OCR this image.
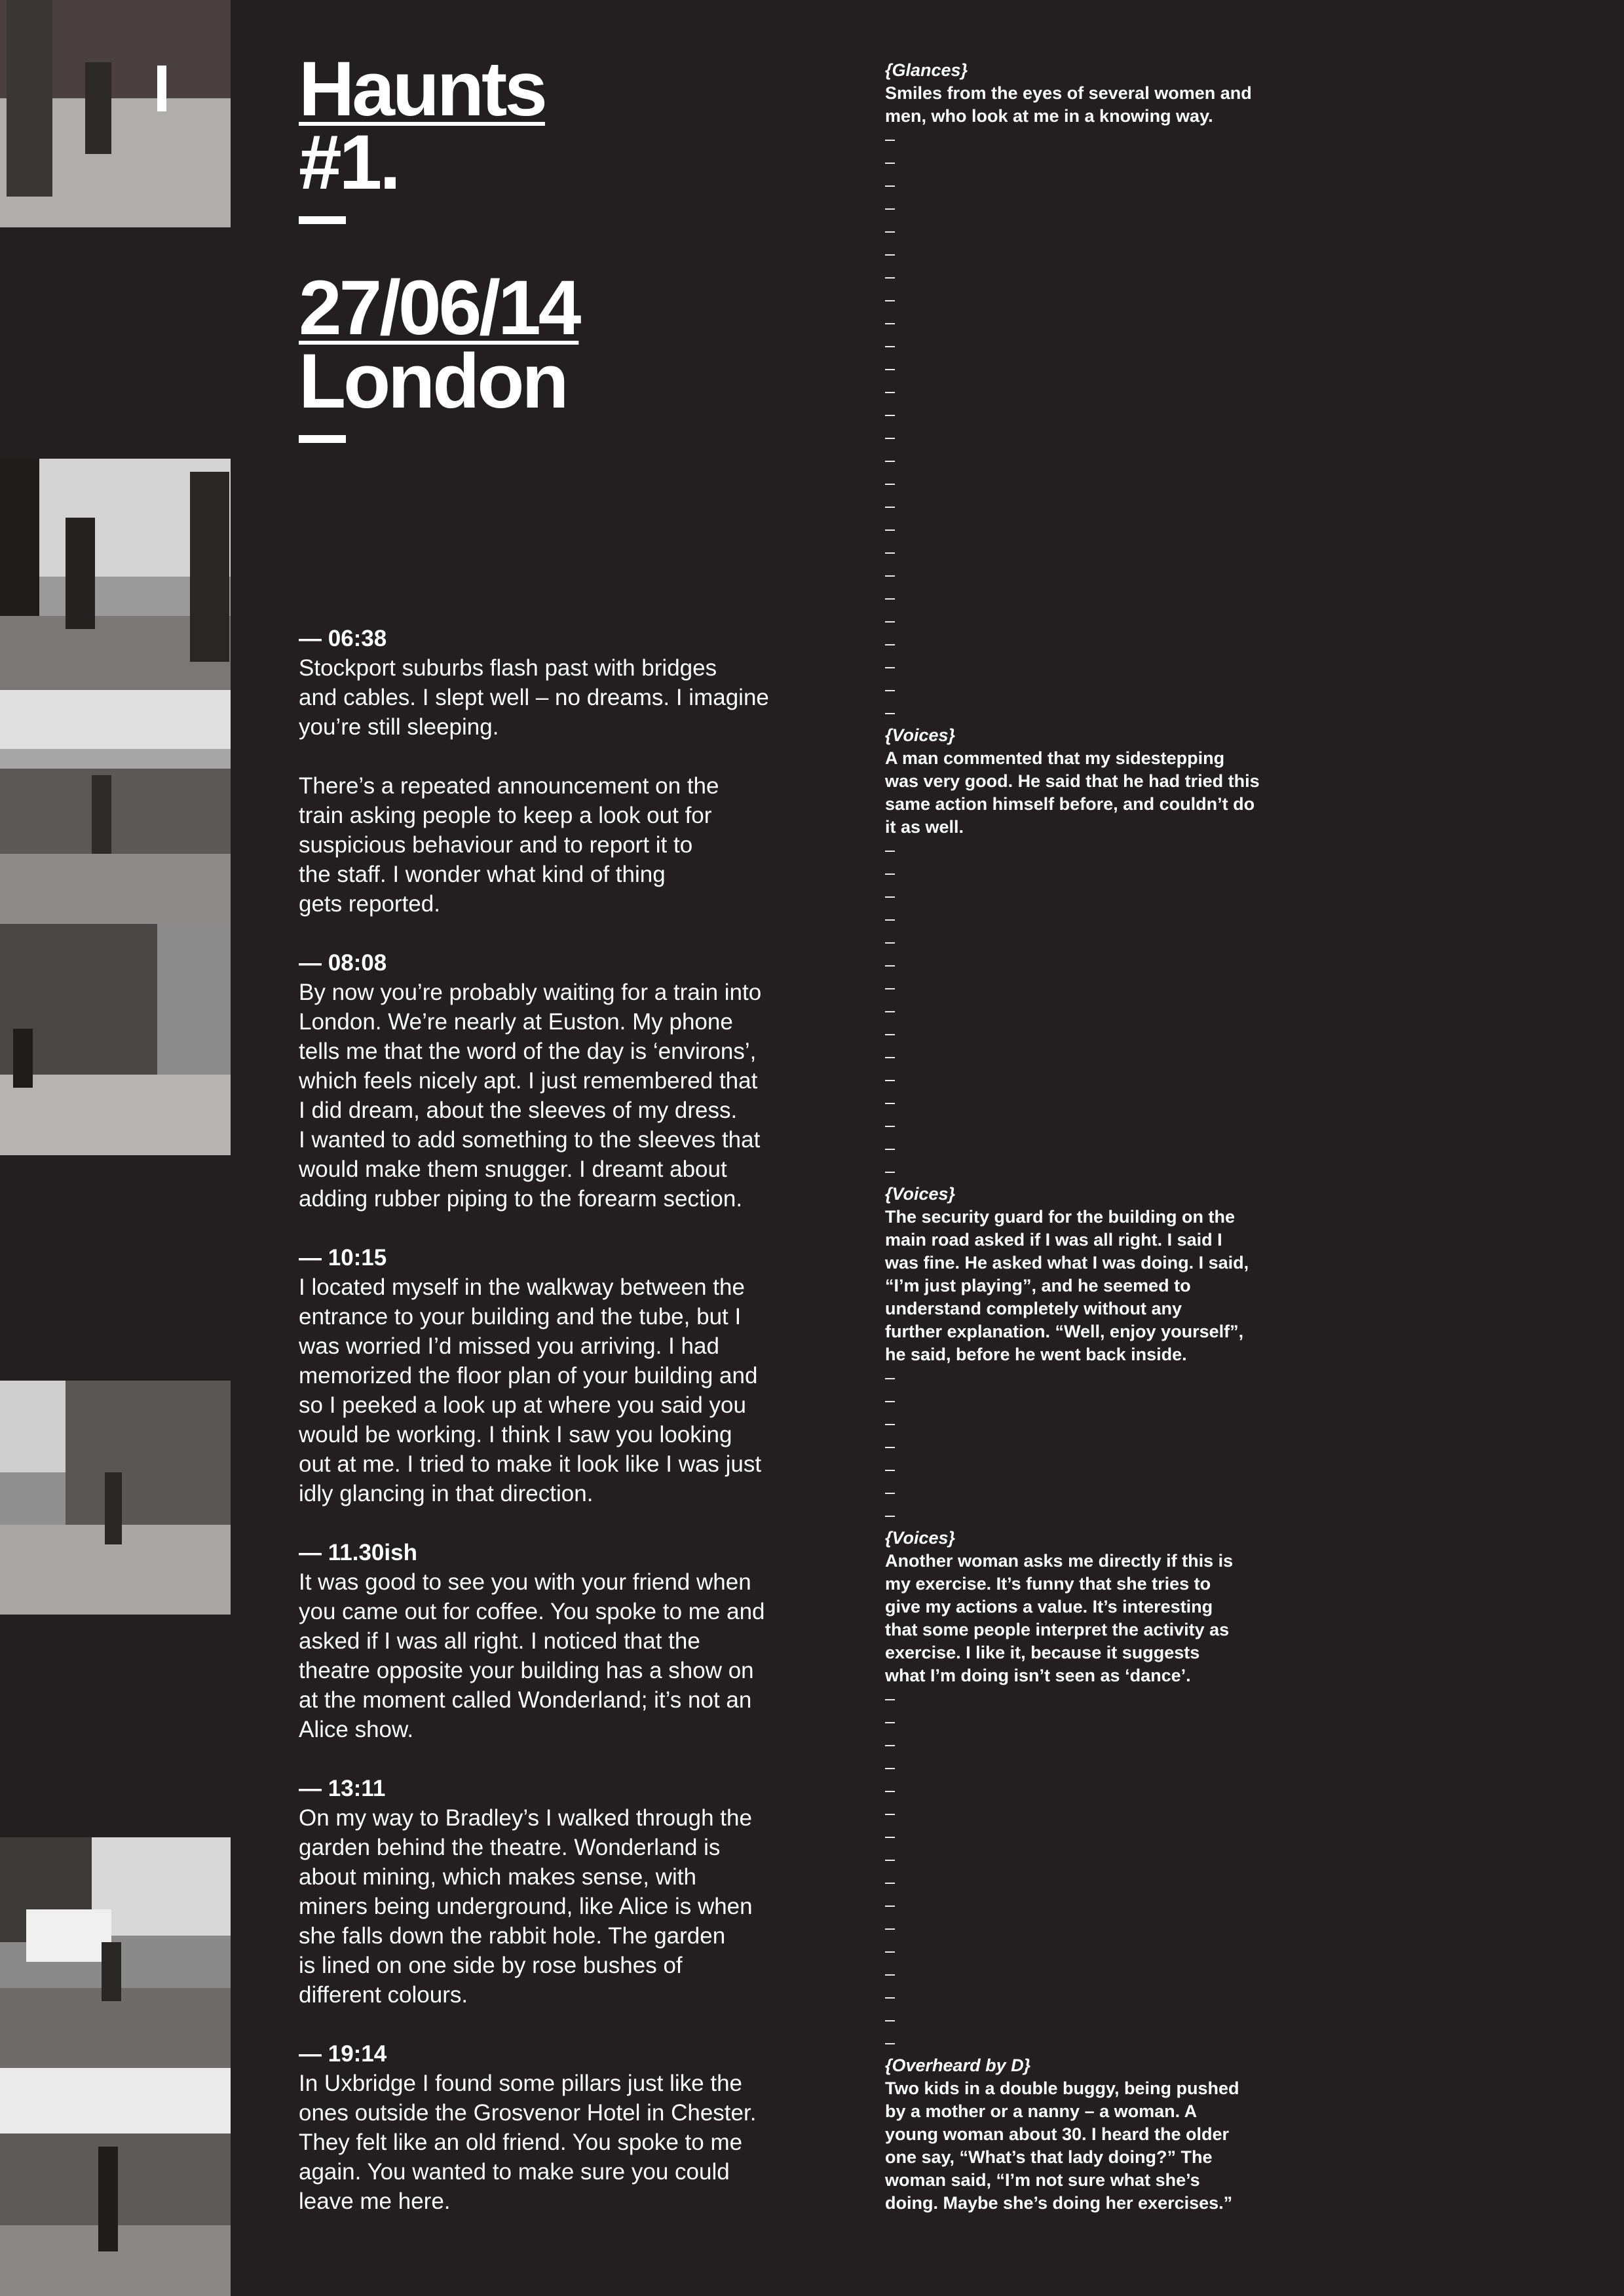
Haunts
#1.
27/06/14
London

— 06:38

Stockport suburbs flash past with bridges
and cables. I slept well – no dreams. I imagine
you’re still sleeping.

There’s a repeated announcement on the
train asking people to keep a look out for
suspicious behaviour and to report it to
the staff. I wonder what kind of thing
gets reported.

— 08:08

By now you’re probably waiting for a train into
London. We’re nearly at Euston. My phone
tells me that the word of the day is ‘environs’,
which feels nicely apt. I just remembered that
I did dream, about the sleeves of my dress.
I wanted to add something to the sleeves that
would make them snugger. I dreamt about
adding rubber piping to the forearm section.

— 10:15

I located myself in the walkway between the
entrance to your building and the tube, but I
was worried I’d missed you arriving. I had
memorized the floor plan of your building and
so I peeked a look up at where you said you
would be working. I think I saw you looking
out at me. I tried to make it look like I was just
idly glancing in that direction.

— 11.30ish

It was good to see you with your friend when
you came out for coffee. You spoke to me and
asked if I was all right. I noticed that the
theatre opposite your building has a show on
at the moment called Wonderland; it’s not an
Alice show.

— 13:11

On my way to Bradley’s I walked through the
garden behind the theatre. Wonderland is
about mining, which makes sense, with
miners being underground, like Alice is when
she falls down the rabbit hole. The garden
is lined on one side by rose bushes of
different colours.

— 19:14

In Uxbridge I found some pillars just like the
ones outside the Grosvenor Hotel in Chester.
They felt like an old friend. You spoke to me
again. You wanted to make sure you could
leave me here.

{Glances}

Smiles from the eyes of several women and
men, who look at me in a knowing way.

–
–
–
–
–
–
–
–
–
–
–
–
–
–
–
–
–
–
–
–
–
–
–
–
–
–
{Voices}

A man commented that my sidestepping
was very good. He said that he had tried this
same action himself before, and couldn’t do
it as well.

–
–
–
–
–
–
–
–
–
–
–
–
–
–
–
{Voices}

The security guard for the building on the
main road asked if I was all right. I said I
was fine. He asked what I was doing. I said,
“I’m just playing”, and he seemed to
understand completely without any
further explanation. “Well, enjoy yourself”,
he said, before he went back inside.

–
–
–
–
–
–
–
{Voices}

Another woman asks me directly if this is
my exercise. It’s funny that she tries to
give my actions a value. It’s interesting
that some people interpret the activity as
exercise. I like it, because it suggests
what I’m doing isn’t seen as ‘dance’.

–
–
–
–
–
–
–
–
–
–
–
–
–
–
–
–
{Overheard by D}

Two kids in a double buggy, being pushed
by a mother or a nanny – a woman. A
young woman about 30. I heard the older
one say, “What’s that lady doing?” The
woman said, “I’m not sure what she’s
doing. Maybe she’s doing her exercises.”
